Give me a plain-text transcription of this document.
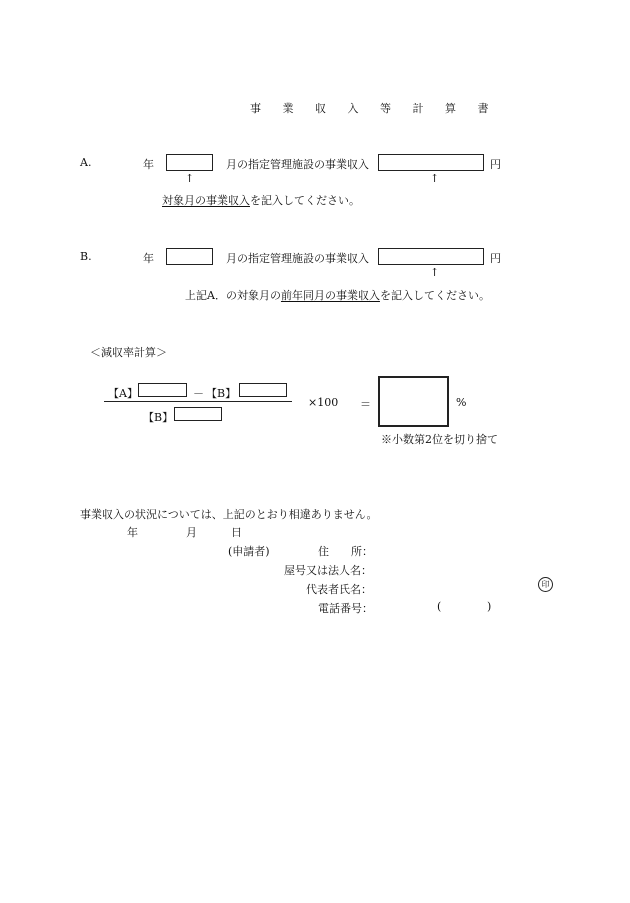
事 業 収 入 等 計 算 書
A.	年	月の指定管理施設の事業収入	円
↑	↑
対象月の事業収入を記入してください。
B.	年	月の指定管理施設の事業収入	円
↑
上記A．の対象月の前年同月の事業収入を記入してください。
＜減収率計算＞
【A】	－ 【B】
【B】
×100 ＝	%
※小数第2位を切り捨て
事業収入の状況については、上記のとおり相違ありません。
年	月	日
(申請者)	住　　所：
屋号又は法人名：
代表者氏名：	印
電話番号：	(	)
